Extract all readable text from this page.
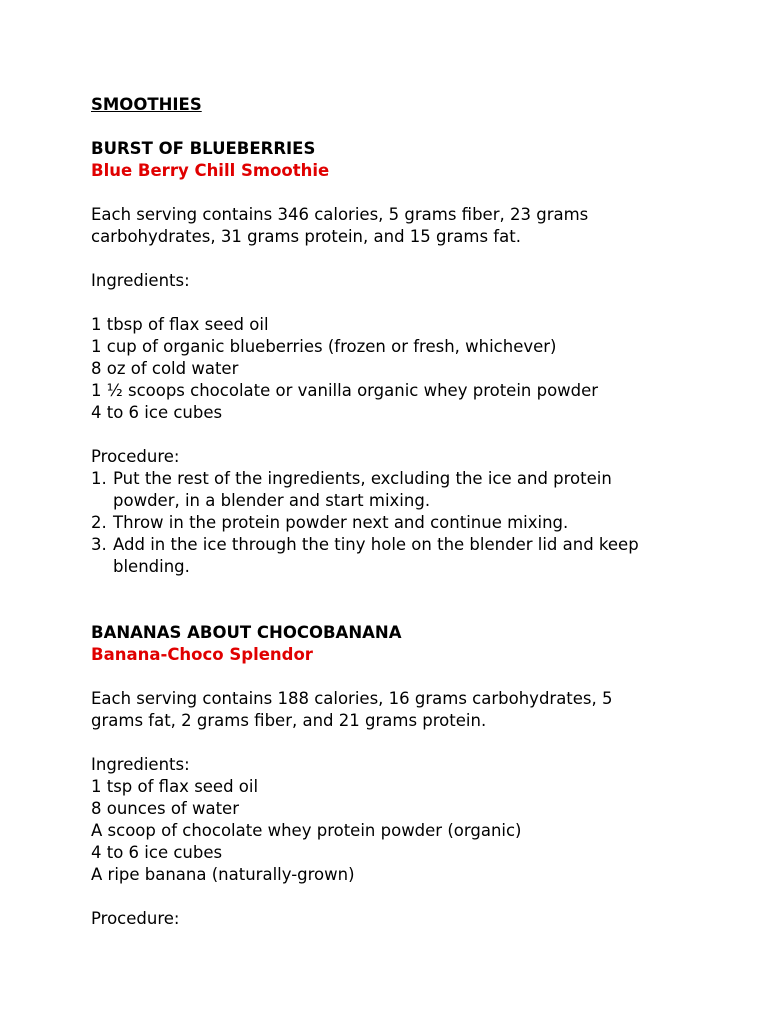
SMOOTHIES
BURST OF BLUEBERRIES
Blue Berry Chill Smoothie
Each serving contains 346 calories, 5 grams fiber, 23 grams
carbohydrates, 31 grams protein, and 15 grams fat.
Ingredients:
1 tbsp of flax seed oil
1 cup of organic blueberries (frozen or fresh, whichever)
8 oz of cold water
1 ½ scoops chocolate or vanilla organic whey protein powder
4 to 6 ice cubes
Procedure:
1. Put the rest of the ingredients, excluding the ice and protein
powder, in a blender and start mixing.
2. Throw in the protein powder next and continue mixing.
3. Add in the ice through the tiny hole on the blender lid and keep
blending.
BANANAS ABOUT CHOCOBANANA
Banana-Choco Splendor
Each serving contains 188 calories, 16 grams carbohydrates, 5
grams fat, 2 grams fiber, and 21 grams protein.
Ingredients:
1 tsp of flax seed oil
8 ounces of water
A scoop of chocolate whey protein powder (organic)
4 to 6 ice cubes
A ripe banana (naturally-grown)
Procedure:
